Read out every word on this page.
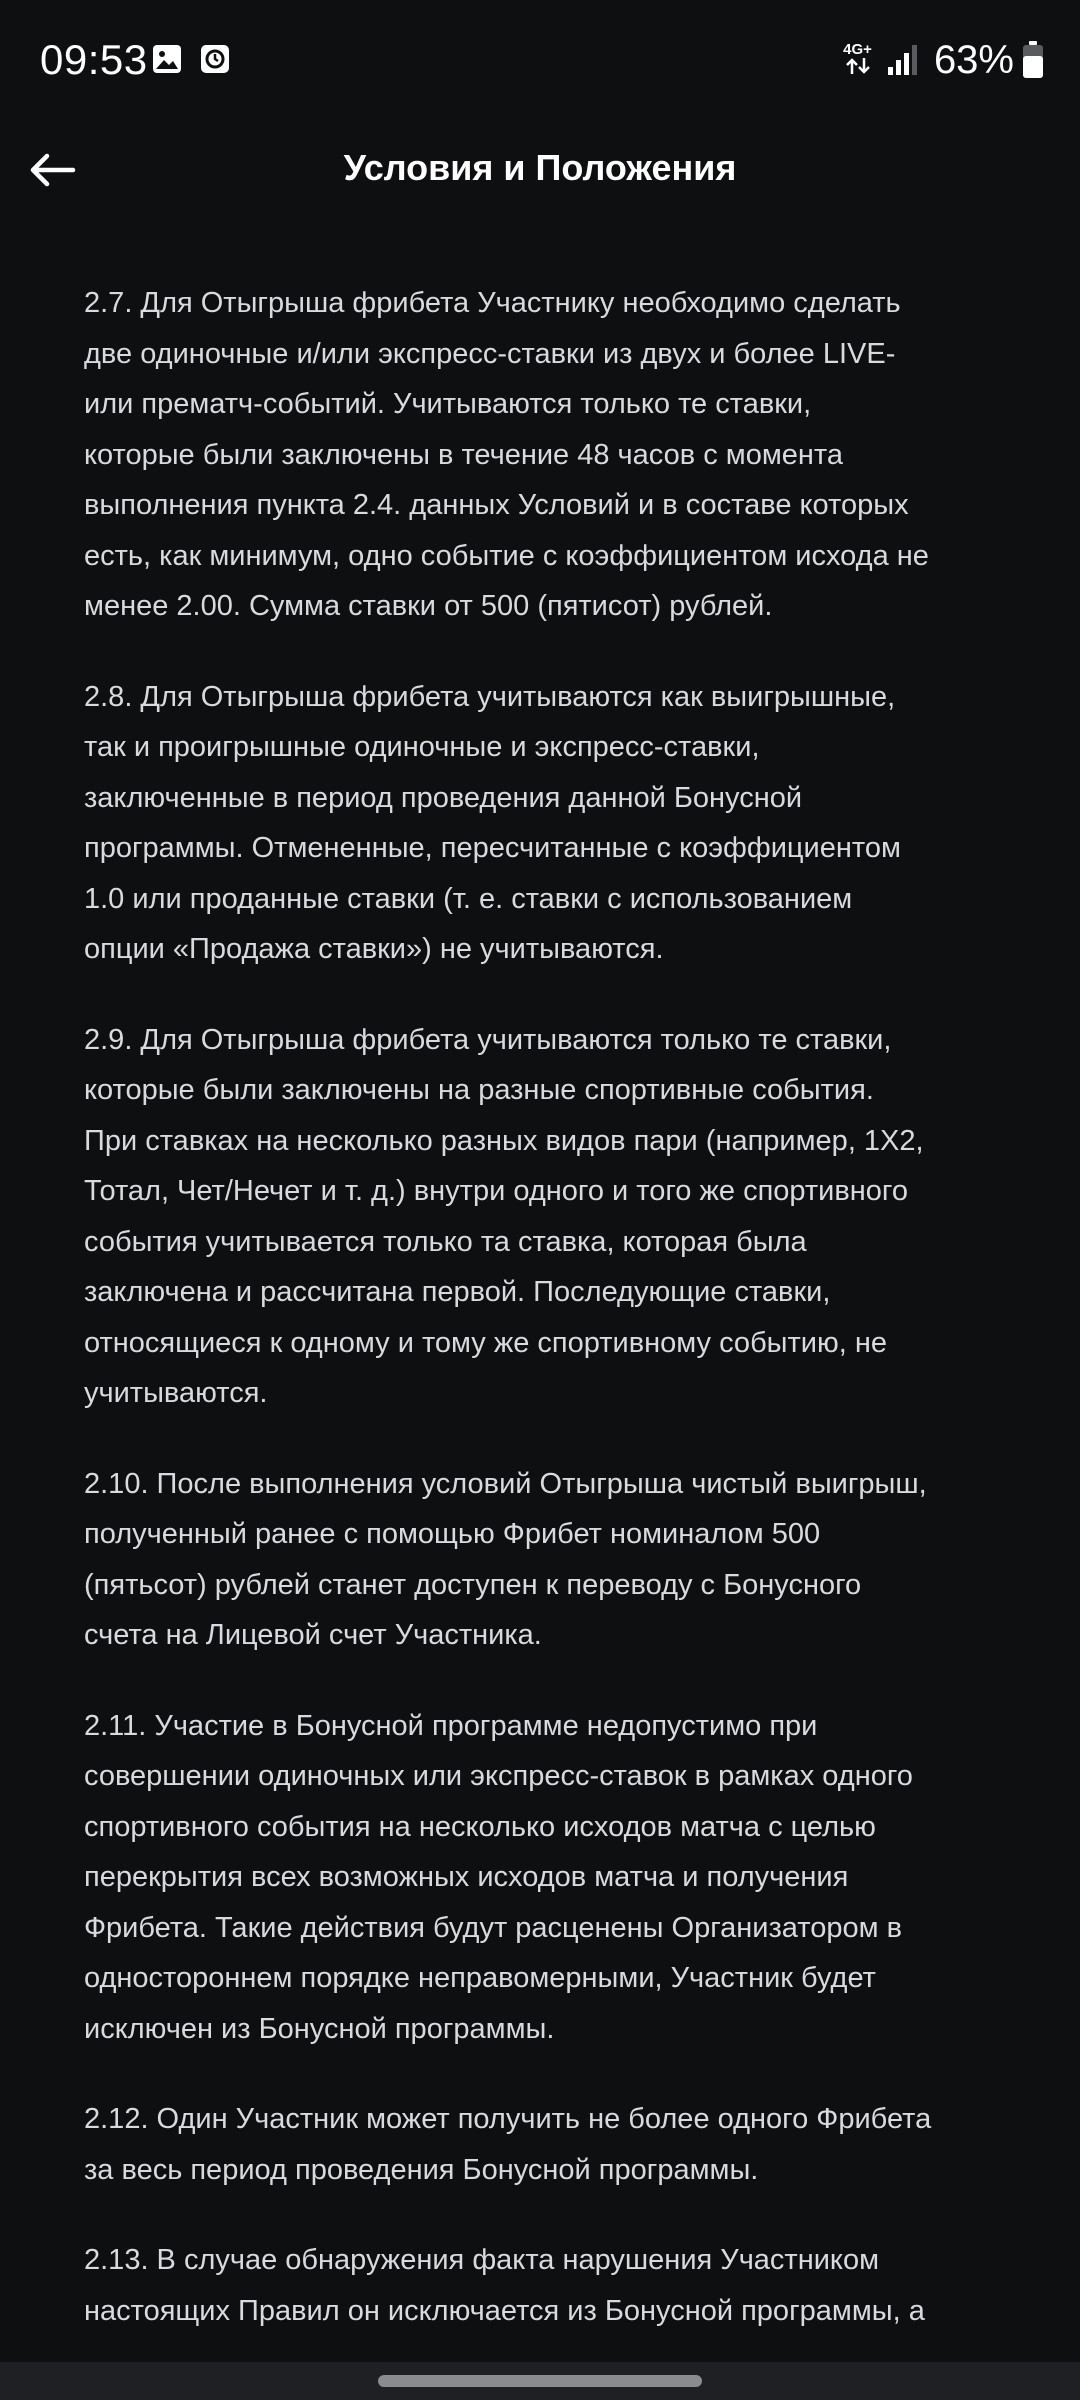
09:53	4G+ 63%
Условия и Положения

2.7. Для Отыгрыша фрибета Участнику необходимо сделать
две одиночные и/или экспресс-ставки из двух и более LIVE-
или прематч-событий. Учитываются только те ставки,
которые были заключены в течение 48 часов с момента
выполнения пункта 2.4. данных Условий и в составе которых
есть, как минимум, одно событие с коэффициентом исхода не
менее 2.00. Сумма ставки от 500 (пятисот) рублей.

2.8. Для Отыгрыша фрибета учитываются как выигрышные,
так и проигрышные одиночные и экспресс-ставки,
заключенные в период проведения данной Бонусной
программы. Отмененные, пересчитанные с коэффициентом
1.0 или проданные ставки (т. е. ставки с использованием
опции «Продажа ставки») не учитываются.

2.9. Для Отыгрыша фрибета учитываются только те ставки,
которые были заключены на разные спортивные события.
При ставках на несколько разных видов пари (например, 1X2,
Тотал, Чет/Нечет и т. д.) внутри одного и того же спортивного
события учитывается только та ставка, которая была
заключена и рассчитана первой. Последующие ставки,
относящиеся к одному и тому же спортивному событию, не
учитываются.

2.10. После выполнения условий Отыгрыша чистый выигрыш,
полученный ранее с помощью Фрибет номиналом 500
(пятьсот) рублей станет доступен к переводу с Бонусного
счета на Лицевой счет Участника.

2.11. Участие в Бонусной программе недопустимо при
совершении одиночных или экспресс-ставок в рамках одного
спортивного события на несколько исходов матча с целью
перекрытия всех возможных исходов матча и получения
Фрибета. Такие действия будут расценены Организатором в
одностороннем порядке неправомерными, Участник будет
исключен из Бонусной программы.

2.12. Один Участник может получить не более одного Фрибета
за весь период проведения Бонусной программы.

2.13. В случае обнаружения факта нарушения Участником
настоящих Правил он исключается из Бонусной программы, а
